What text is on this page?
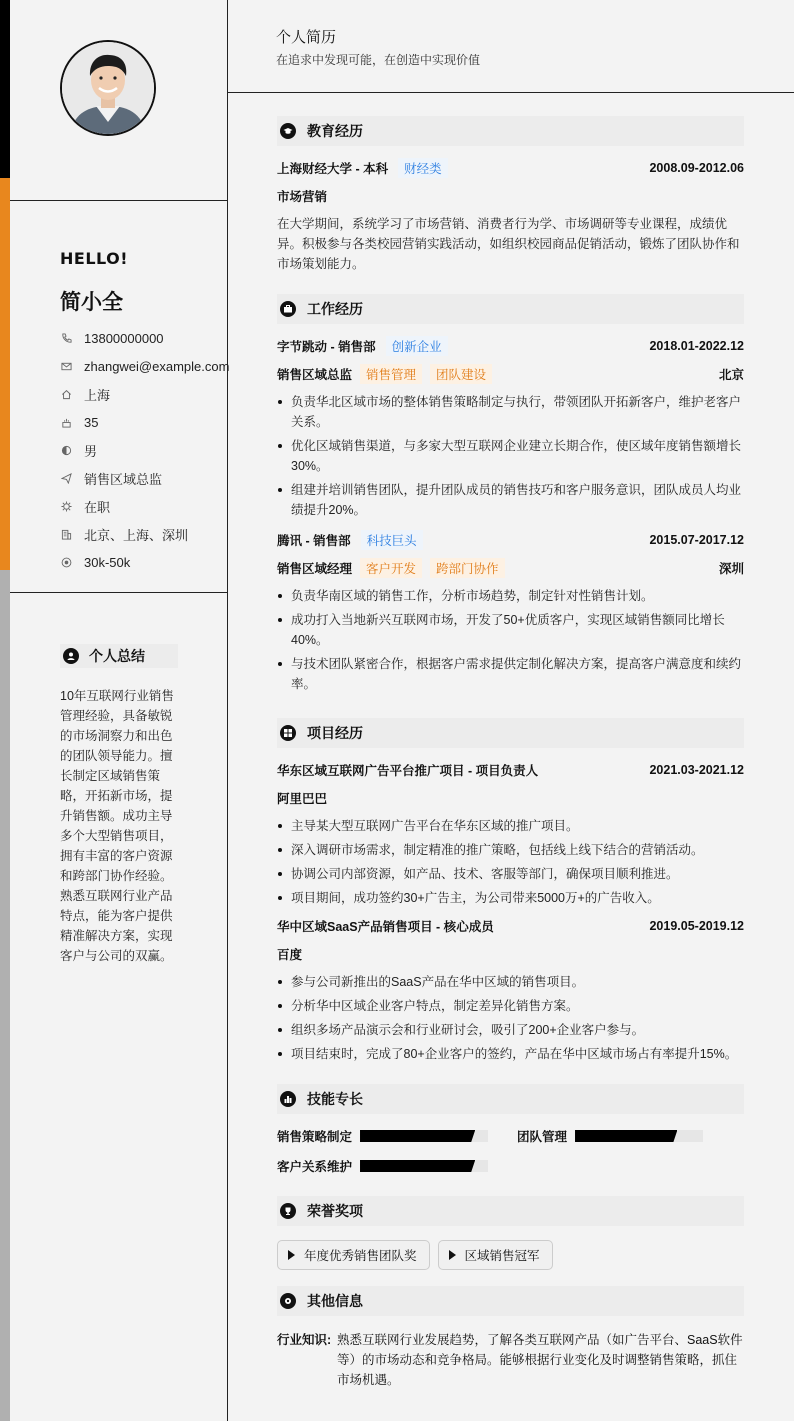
HELLO!
简小全
13800000000
zhangwei@example.com
上海
35
男
销售区域总监
在职
北京、上海、深圳
30k-50k
个人总结

10年互联网行业销售管理经验，具备敏锐的市场洞察力和出色的团队领导能力。擅长制定区域销售策略，开拓新市场，提升销售额。成功主导多个大型销售项目，拥有丰富的客户资源和跨部门协作经验。熟悉互联网行业产品特点，能为客户提供精准解决方案，实现客户与公司的双赢。

个人简历
在追求中发现可能，在创造中实现价值
教育经历
上海财经大学 - 本科	财经类	2008.09-2012.06
市场营销

在大学期间，系统学习了市场营销、消费者行为学、市场调研等专业课程，成绩优异。积极参与各类校园营销实践活动，如组织校园商品促销活动，锻炼了团队协作和市场策划能力。

工作经历
字节跳动 - 销售部	创新企业	2018.01-2022.12
销售区域总监	销售管理	团队建设	北京
负责华北区域市场的整体销售策略制定与执行，带领团队开拓新客户，维护老客户关系。
优化区域销售渠道，与多家大型互联网企业建立长期合作，使区域年度销售额增长30%。
组建并培训销售团队，提升团队成员的销售技巧和客户服务意识，团队成员人均业绩提升20%。
腾讯 - 销售部	科技巨头	2015.07-2017.12
销售区域经理	客户开发	跨部门协作	深圳
负责华南区域的销售工作，分析市场趋势，制定针对性销售计划。
成功打入当地新兴互联网市场，开发了50+优质客户，实现区域销售额同比增长40%。
与技术团队紧密合作，根据客户需求提供定制化解决方案，提高客户满意度和续约率。
项目经历
华东区域互联网广告平台推广项目 - 项目负责人	2021.03-2021.12
阿里巴巴
主导某大型互联网广告平台在华东区域的推广项目。
深入调研市场需求，制定精准的推广策略，包括线上线下结合的营销活动。
协调公司内部资源，如产品、技术、客服等部门，确保项目顺利推进。
项目期间，成功签约30+广告主，为公司带来5000万+的广告收入。
华中区域SaaS产品销售项目 - 核心成员	2019.05-2019.12
百度
参与公司新推出的SaaS产品在华中区域的销售项目。
分析华中区域企业客户特点，制定差异化销售方案。
组织多场产品演示会和行业研讨会，吸引了200+企业客户参与。
项目结束时，完成了80+企业客户的签约，产品在华中区域市场占有率提升15%。
技能专长
销售策略制定	团队管理
客户关系维护
荣誉奖项
年度优秀销售团队奖	区域销售冠军
其他信息
行业知识: 熟悉互联网行业发展趋势，了解各类互联网产品（如广告平台、SaaS软件等）的市场动态和竞争格局。能够根据行业变化及时调整销售策略，抓住市场机遇。
